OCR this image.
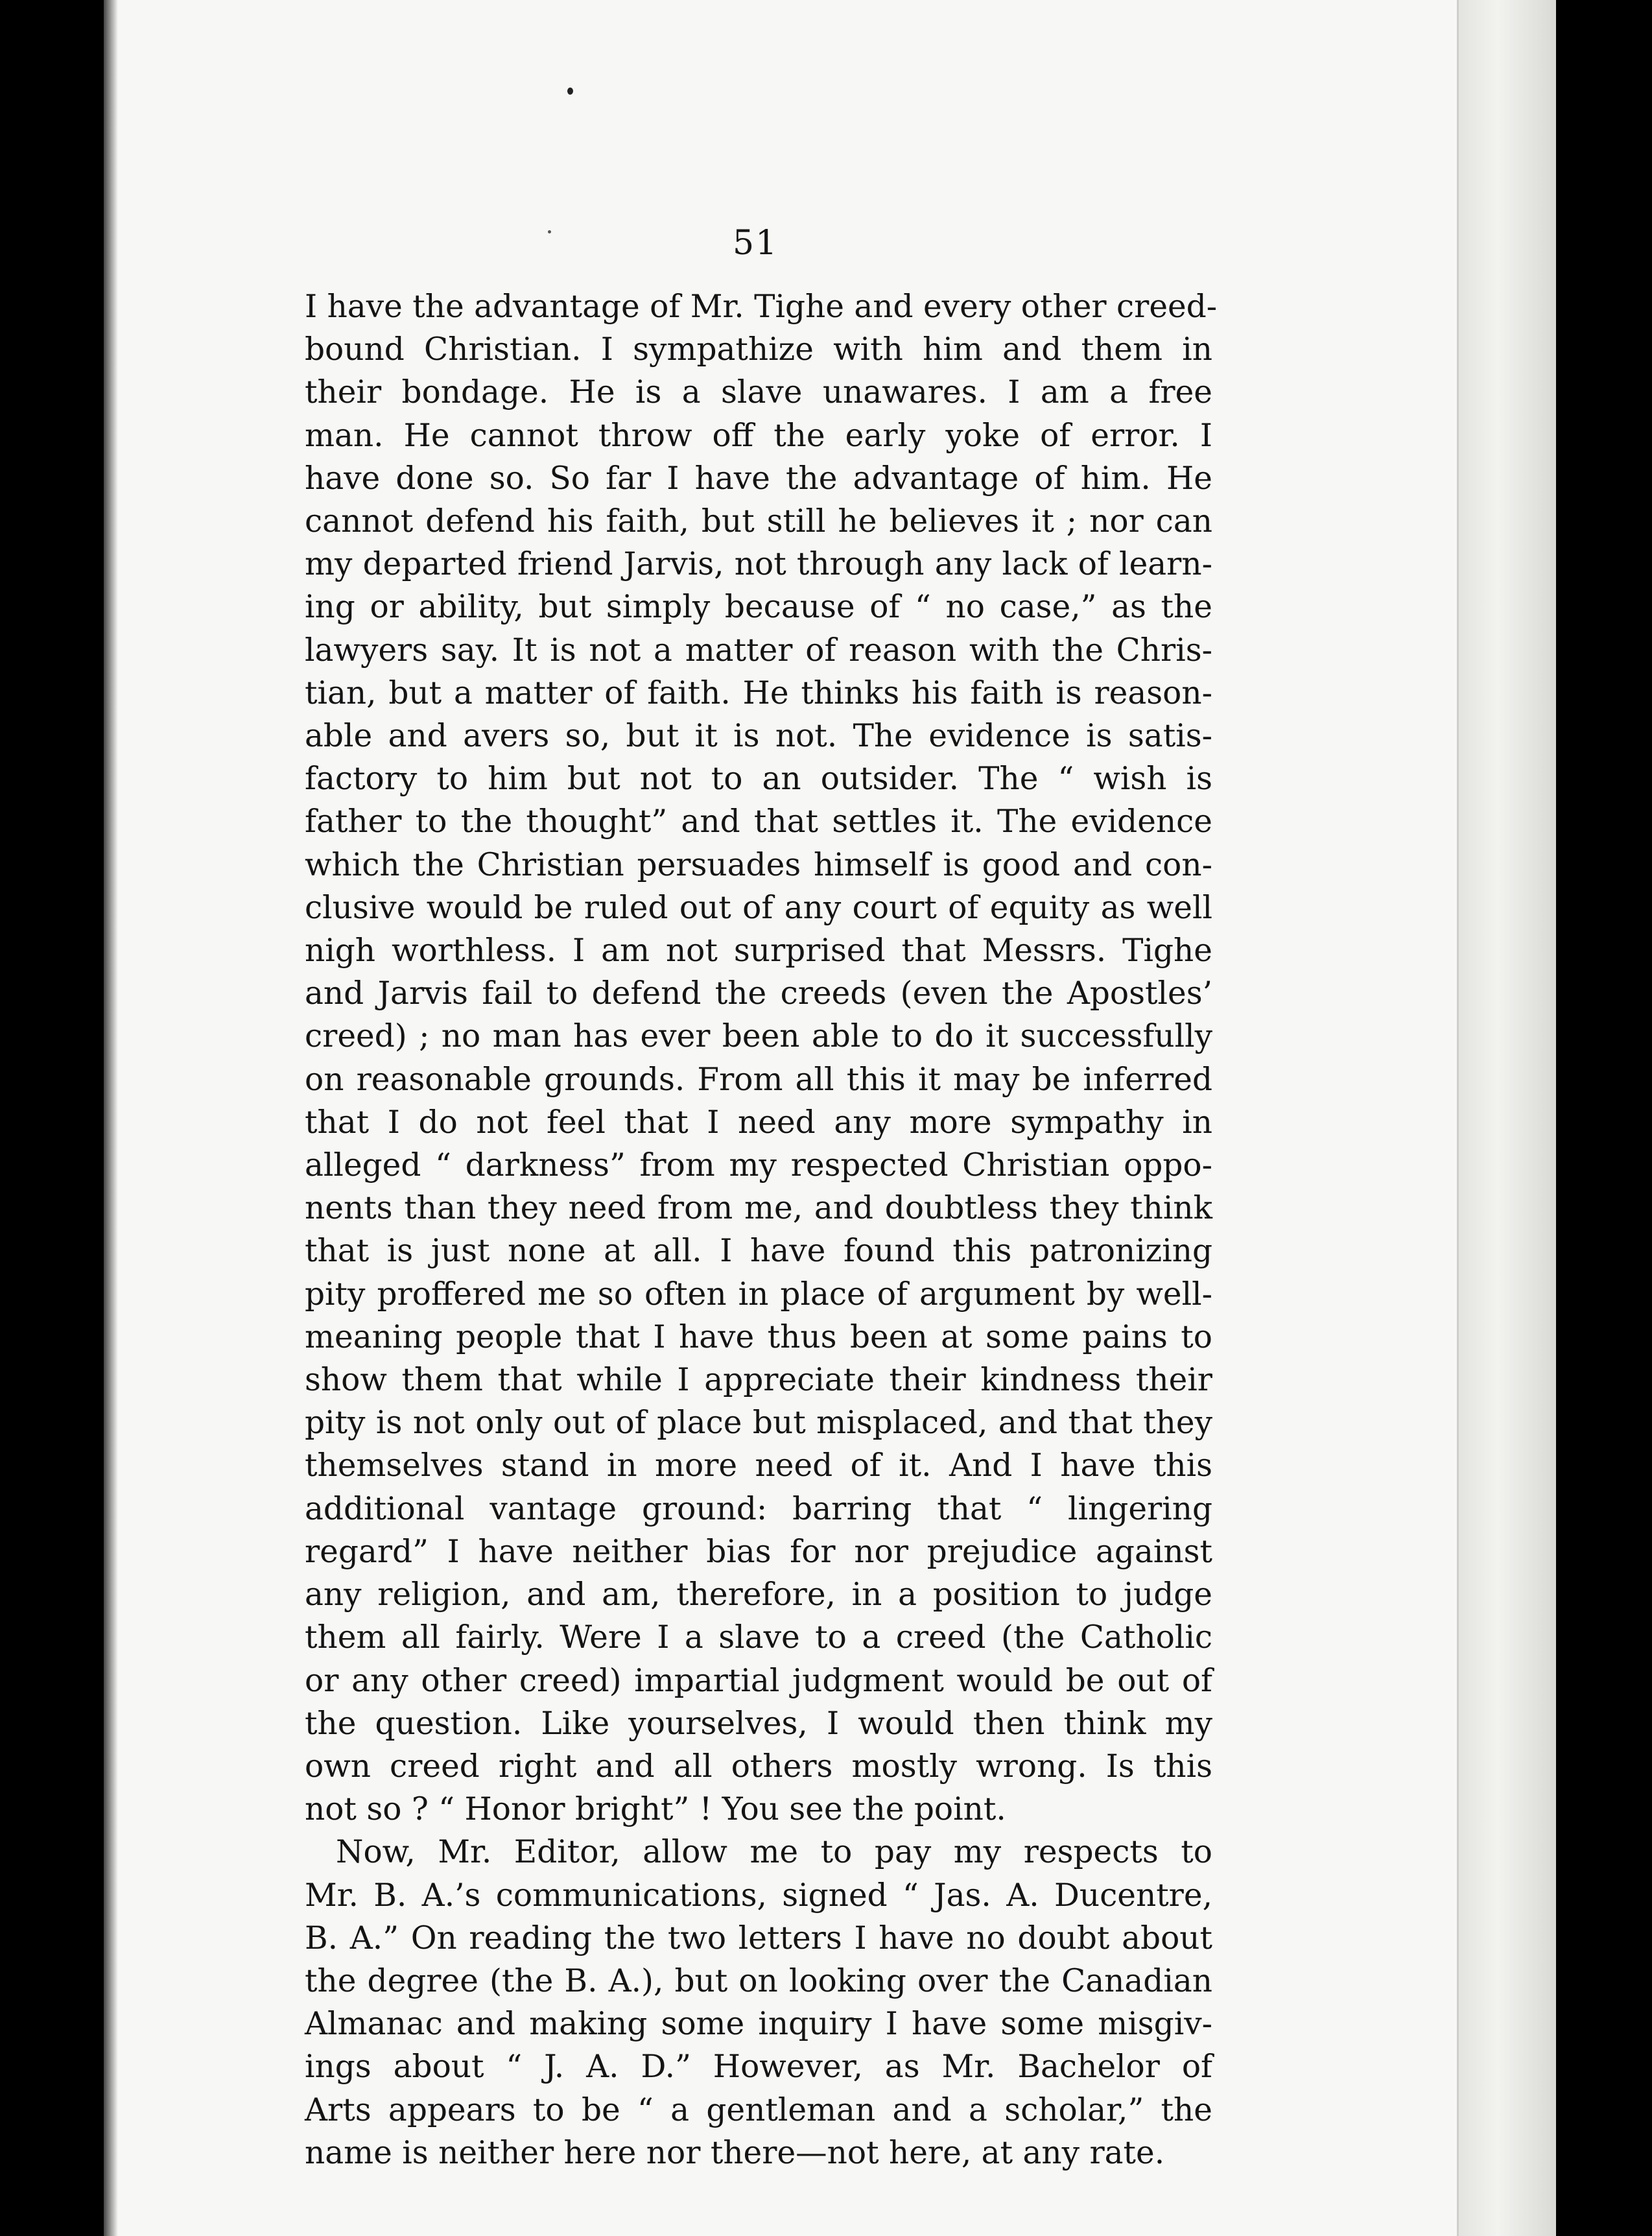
51

I have the advantage of Mr. Tighe and every other creed-
bound Christian. I sympathize with him and them in
their bondage. He is a slave unawares. I am a free
man. He cannot throw off the early yoke of error. I
have done so. So far I have the advantage of him. He
cannot defend his faith, but still he believes it ; nor can
my departed friend Jarvis, not through any lack of learn-
ing or ability, but simply because of “ no case,” as the
lawyers say. It is not a matter of reason with the Chris-
tian, but a matter of faith. He thinks his faith is reason-
able and avers so, but it is not. The evidence is satis-
factory to him but not to an outsider. The “ wish is
father to the thought” and that settles it. The evidence
which the Christian persuades himself is good and con-
clusive would be ruled out of any court of equity as well
nigh worthless. I am not surprised that Messrs. Tighe
and Jarvis fail to defend the creeds (even the Apostles’
creed) ; no man has ever been able to do it successfully
on reasonable grounds. From all this it may be inferred
that I do not feel that I need any more sympathy in
alleged “ darkness” from my respected Christian oppo-
nents than they need from me, and doubtless they think
that is just none at all. I have found this patronizing
pity proffered me so often in place of argument by well-
meaning people that I have thus been at some pains to
show them that while I appreciate their kindness their
pity is not only out of place but misplaced, and that they
themselves stand in more need of it. And I have this
additional vantage ground: barring that “ lingering
regard” I have neither bias for nor prejudice against
any religion, and am, therefore, in a position to judge
them all fairly. Were I a slave to a creed (the Catholic
or any other creed) impartial judgment would be out of
the question. Like yourselves, I would then think my
own creed right and all others mostly wrong. Is this
not so ? “ Honor bright” ! You see the point.

Now, Mr. Editor, allow me to pay my respects to
Mr. B. A.’s communications, signed “ Jas. A. Ducentre,
B. A.” On reading the two letters I have no doubt about
the degree (the B. A.), but on looking over the Canadian
Almanac and making some inquiry I have some misgiv-
ings about “ J. A. D.” However, as Mr. Bachelor of
Arts appears to be “ a gentleman and a scholar,” the
name is neither here nor there—not here, at any rate.
